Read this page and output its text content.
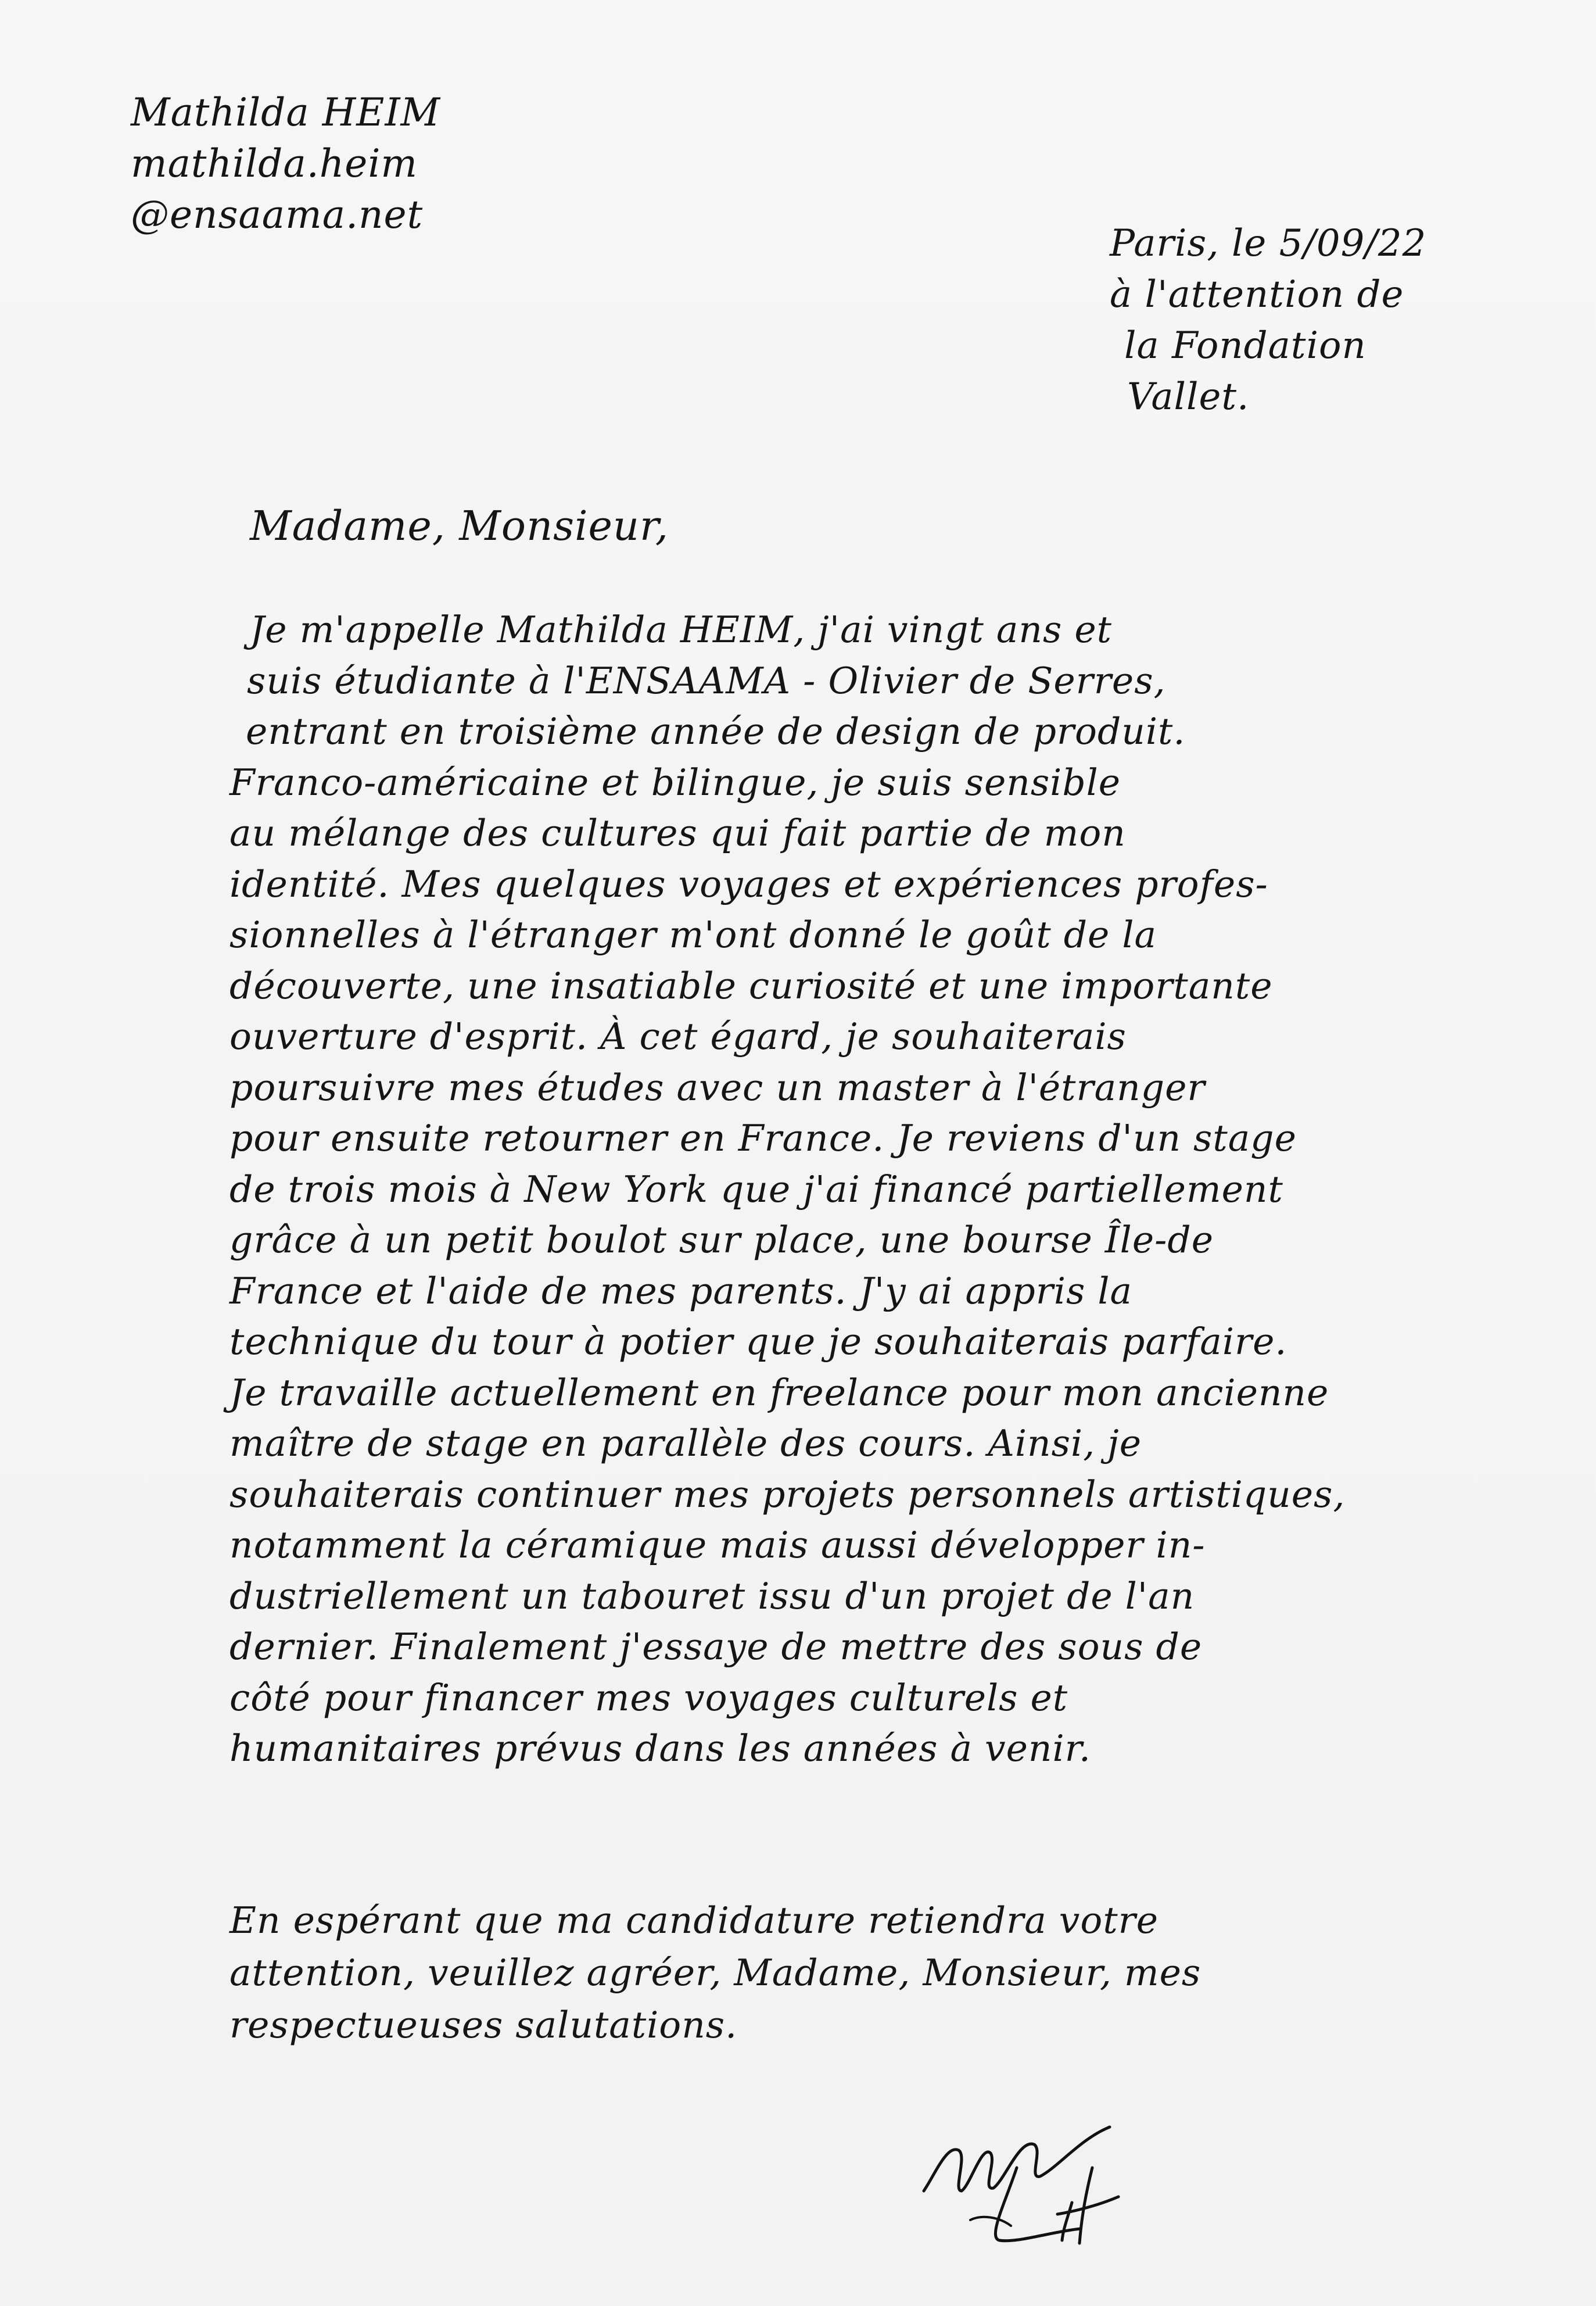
Mathilda HEIM
mathilda.heim
@ensaama.net
Paris, le 5/09/22
à l'attention de
la Fondation
Vallet.
Madame, Monsieur,
Je m'appelle Mathilda HEIM, j'ai vingt ans et
suis étudiante à l'ENSAAMA - Olivier de Serres,
entrant en troisième année de design de produit.
Franco-américaine et bilingue, je suis sensible
au mélange des cultures qui fait partie de mon
identité. Mes quelques voyages et expériences profes-
sionnelles à l'étranger m'ont donné le goût de la
découverte, une insatiable curiosité et une importante
ouverture d'esprit. À cet égard, je souhaiterais
poursuivre mes études avec un master à l'étranger
pour ensuite retourner en France. Je reviens d'un stage
de trois mois à New York que j'ai financé partiellement
grâce à un petit boulot sur place, une bourse Île-de
France et l'aide de mes parents. J'y ai appris la
technique du tour à potier que je souhaiterais parfaire.
Je travaille actuellement en freelance pour mon ancienne
maître de stage en parallèle des cours. Ainsi, je
souhaiterais continuer mes projets personnels artistiques,
notamment la céramique mais aussi développer in-
dustriellement un tabouret issu d'un projet de l'an
dernier. Finalement j'essaye de mettre des sous de
côté pour financer mes voyages culturels et
humanitaires prévus dans les années à venir.
En espérant que ma candidature retiendra votre
attention, veuillez agréer, Madame, Monsieur, mes
respectueuses salutations.
